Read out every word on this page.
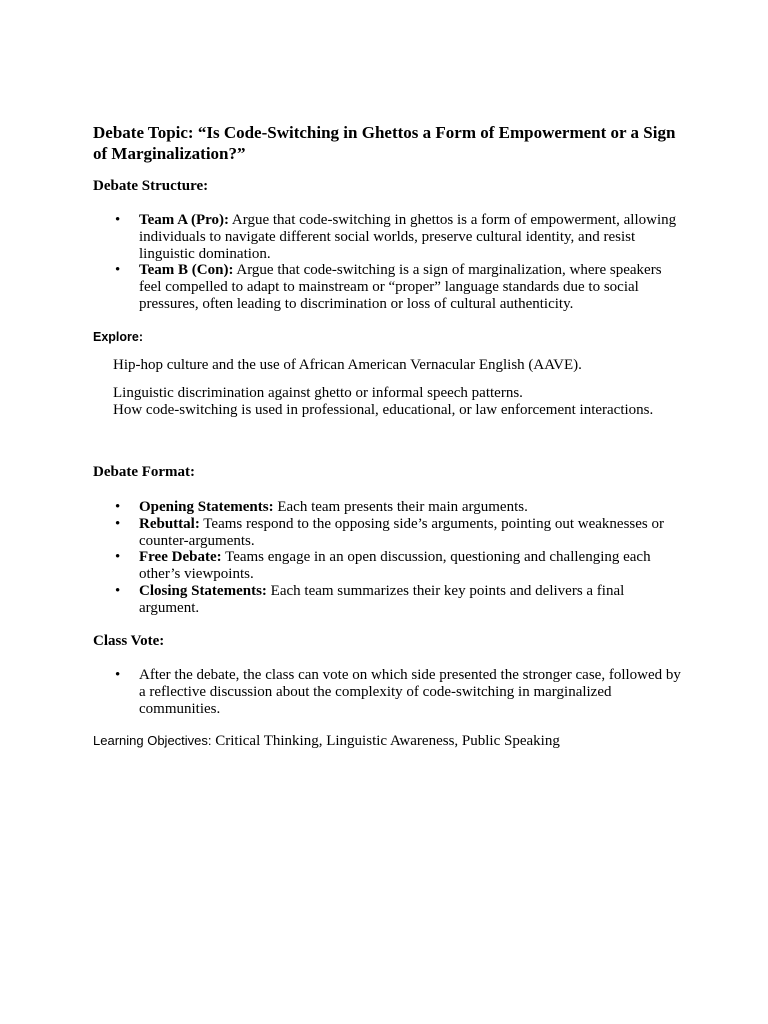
Debate Topic: “Is Code-Switching in Ghettos a Form of Empowerment or a Sign of Marginalization?”
Debate Structure:
• Team A (Pro): Argue that code-switching in ghettos is a form of empowerment, allowing individuals to navigate different social worlds, preserve cultural identity, and resist linguistic domination.
• Team B (Con): Argue that code-switching is a sign of marginalization, where speakers feel compelled to adapt to mainstream or “proper” language standards due to social pressures, often leading to discrimination or loss of cultural authenticity.
Explore:
Hip-hop culture and the use of African American Vernacular English (AAVE).
Linguistic discrimination against ghetto or informal speech patterns.
How code-switching is used in professional, educational, or law enforcement interactions.
Debate Format:
• Opening Statements: Each team presents their main arguments.
• Rebuttal: Teams respond to the opposing side’s arguments, pointing out weaknesses or counter-arguments.
• Free Debate: Teams engage in an open discussion, questioning and challenging each other’s viewpoints.
• Closing Statements: Each team summarizes their key points and delivers a final argument.
Class Vote:
• After the debate, the class can vote on which side presented the stronger case, followed by a reflective discussion about the complexity of code-switching in marginalized communities.
Learning Objectives: Critical Thinking, Linguistic Awareness, Public Speaking
